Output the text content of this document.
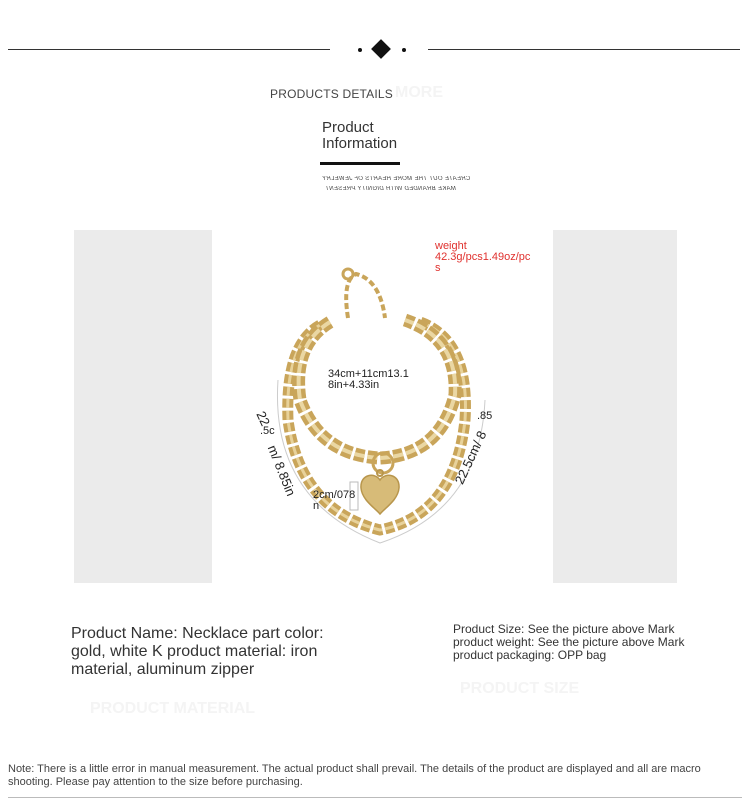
PRODUCTS DETAILS MORE
Product
Information
CREATE OUT THE MORE HEARTS OF JEWELRY
MAKE BRANDED WITH DIGNITY PRESENT
weight
42.3g/pcs1.49oz/pc
s
34cm+11cm13.1
8in+4.33in
22
.5c
m/ 8.85in
.85
22.5cm/ 8
2cm/078
n
Product Name: Necklace part color: gold, white K product material: iron material, aluminum zipper
Product Size: See the picture above Mark product weight: See the picture above Mark product packaging: OPP bag
PRODUCT MATERIAL
PRODUCT SIZE
Note: There is a little error in manual measurement. The actual product shall prevail. The details of the product are displayed and all are macro shooting. Please pay attention to the size before purchasing.
